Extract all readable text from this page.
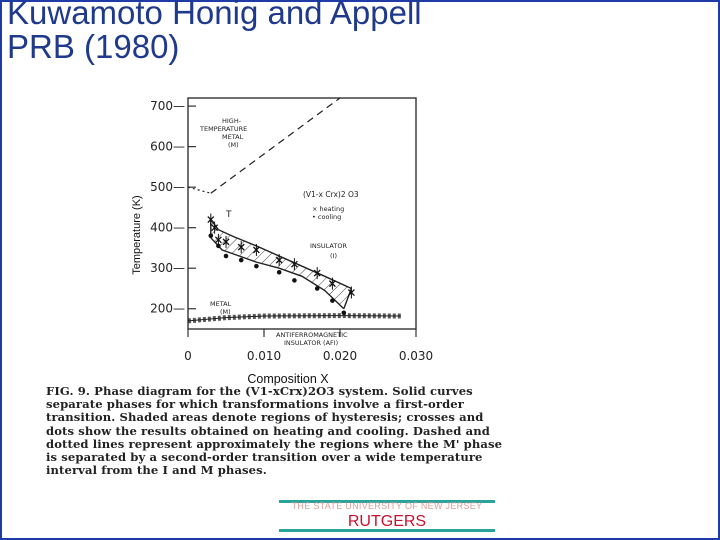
Kuwamoto Honig and Appell
PRB (1980)
200—
300—
400—
500—
600—
700—
0	0.010	0.020	0.030
Composition X
Temperature (K)
HIGH-
TEMPERATURE
METAL
(M)
(V1-x Crx)2 O3
× heating
• cooling
INSULATOR
(I)
METAL
(M)
ANTIFERROMAGNETIC
INSULATOR (AFI)
T

FIG. 9. Phase diagram for the (V1-xCrx)2O3 system. Solid curves separate phases for which transformations involve a first-order transition. Shaded areas denote regions of hysteresis; crosses and dots show the results obtained on heating and cooling. Dashed and dotted lines represent approximately the regions where the M' phase is separated by a second-order transition over a wide temperature interval from the I and M phases.

THE STATE UNIVERSITY OF NEW JERSEY
RUTGERS
